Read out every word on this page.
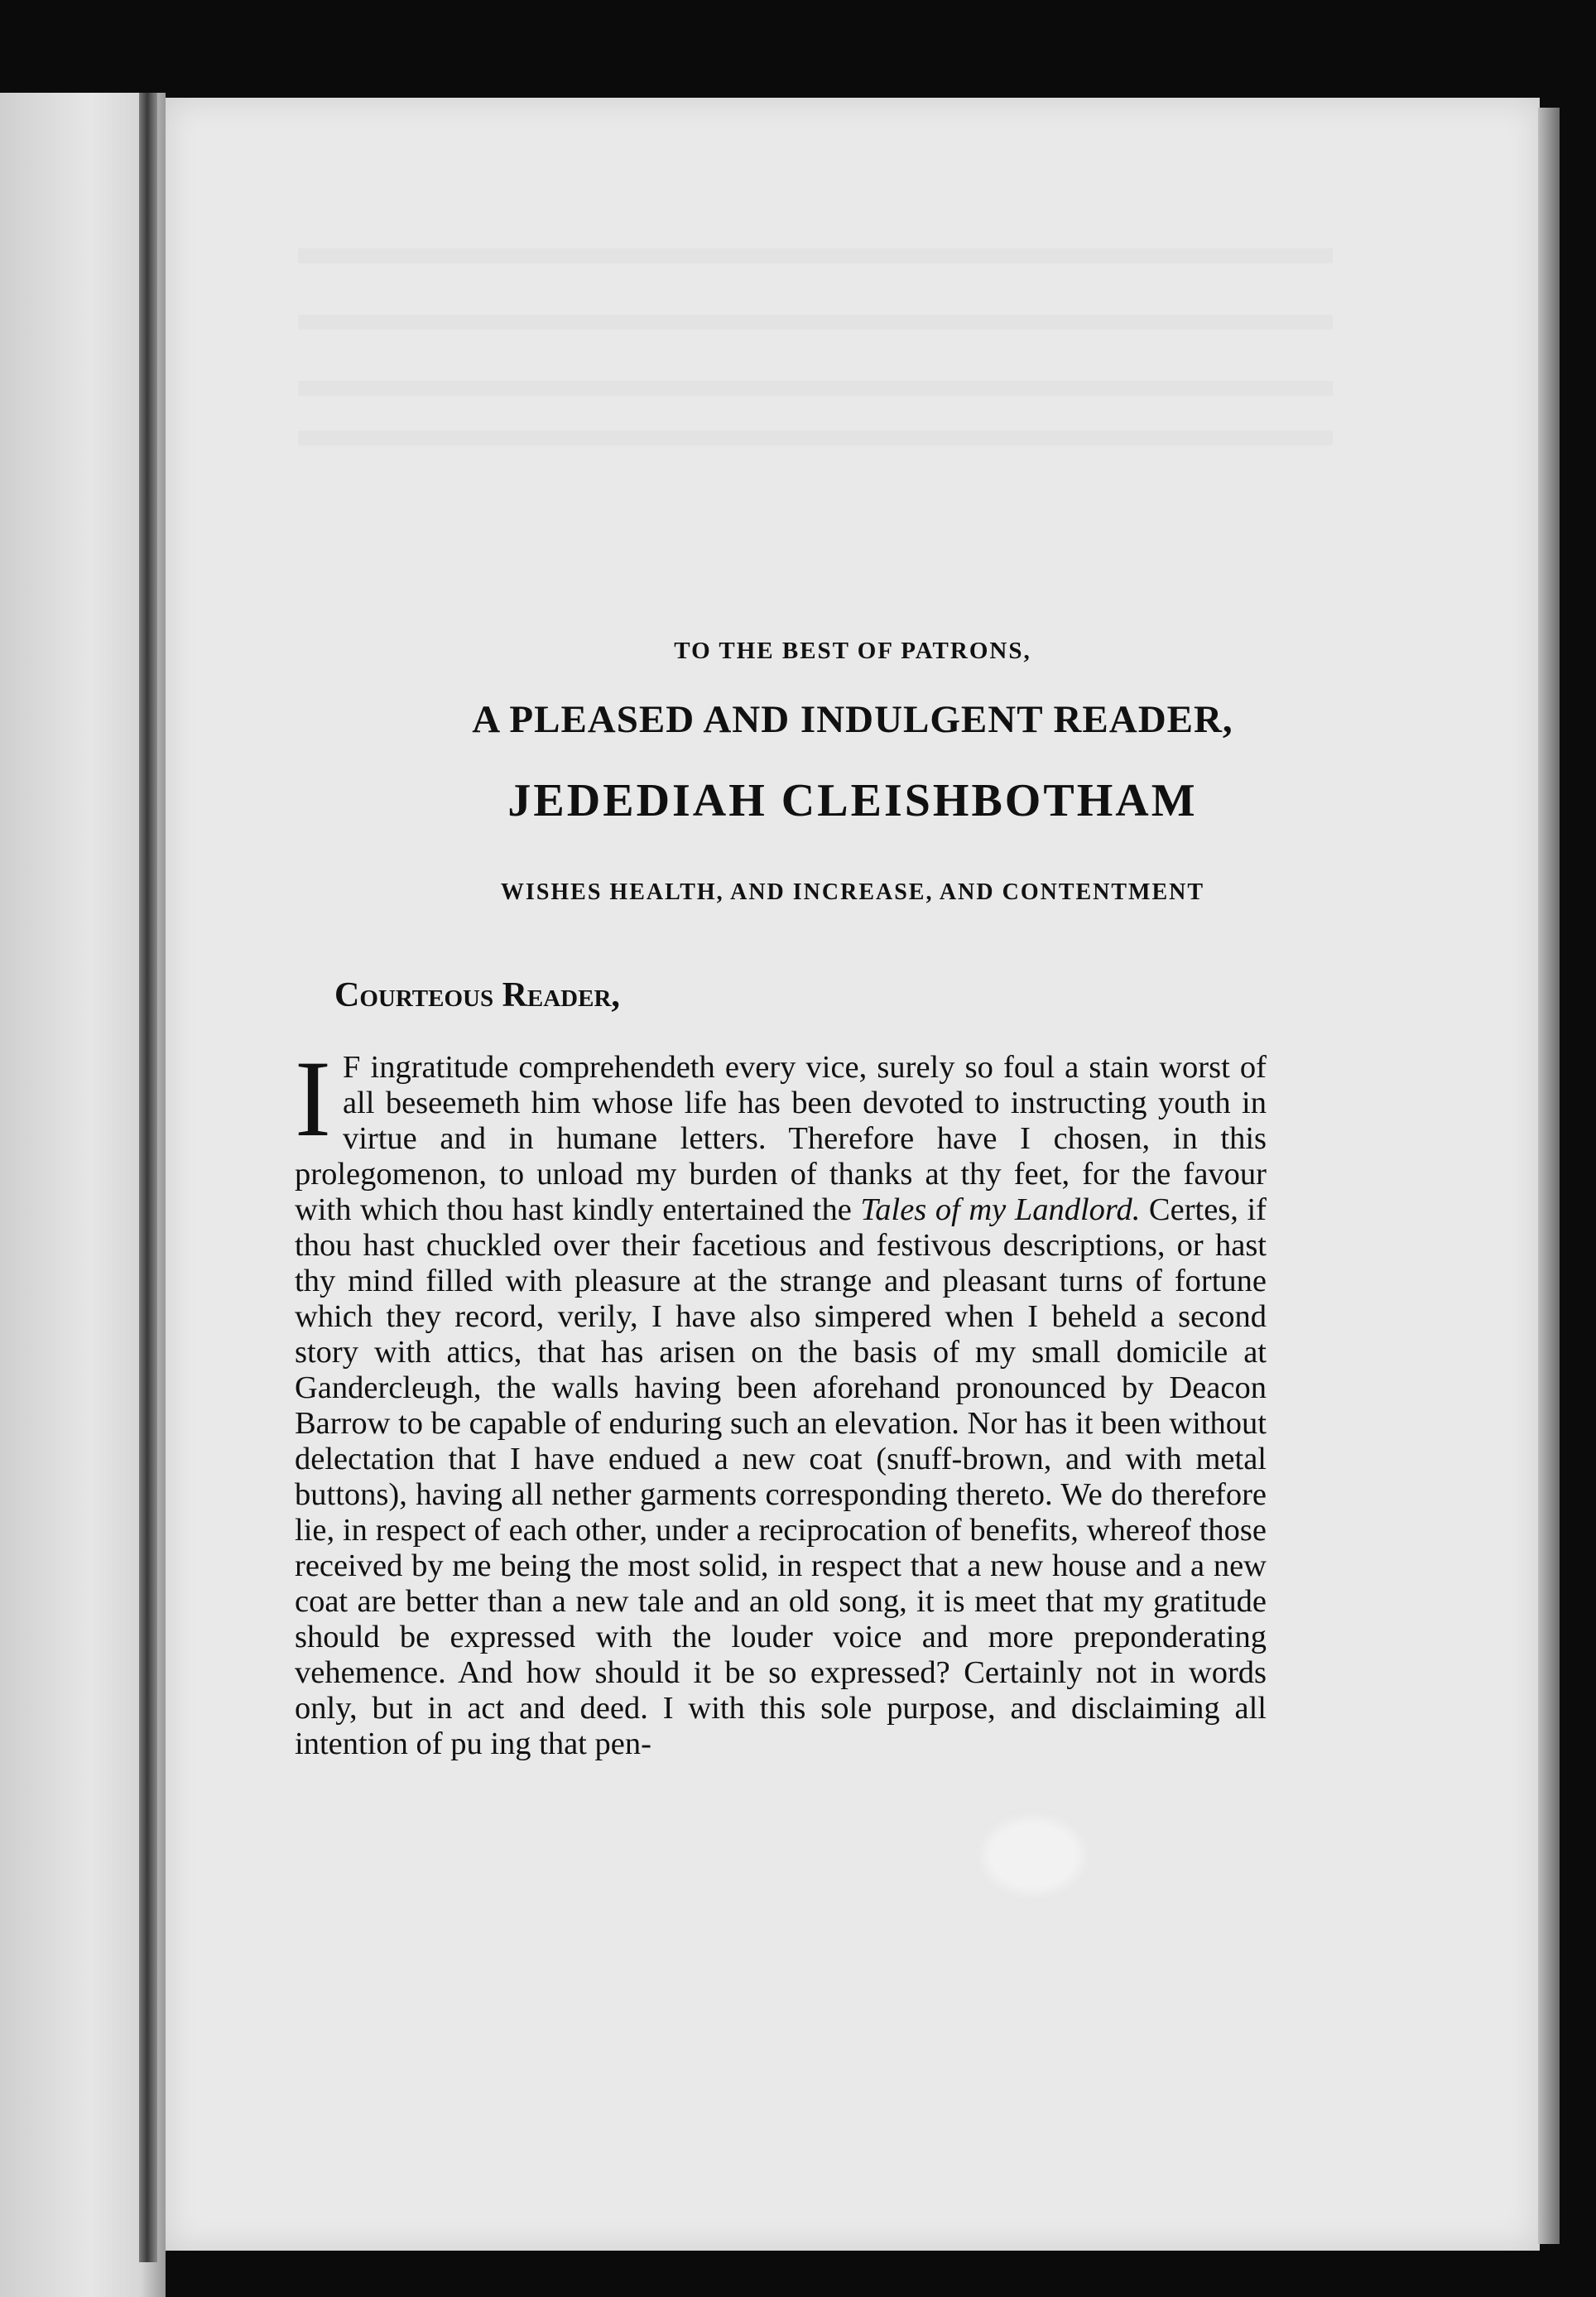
TO THE BEST OF PATRONS,

A PLEASED AND INDULGENT READER,

JEDEDIAH CLEISHBOTHAM

WISHES HEALTH, AND INCREASE, AND CONTENTMENT

Courteous Reader,

I F ingratitude comprehendeth every vice, surely so foul a stain worst of all beseemeth him whose life has been devoted to instructing youth in virtue and in humane letters. Therefore have I chosen, in this prolegomenon, to unload my burden of thanks at thy feet, for the favour with which thou hast kindly entertained the Tales of my Landlord. Certes, if thou hast chuckled over their facetious and festivous descriptions, or hast thy mind filled with pleasure at the strange and pleasant turns of fortune which they record, verily, I have also simpered when I beheld a second story with attics, that has arisen on the basis of my small domicile at Gandercleugh, the walls having been aforehand pronounced by Deacon Barrow to be capable of enduring such an elevation. Nor has it been without delectation that I have endued a new coat (snuff-brown, and with metal buttons), having all nether garments corresponding thereto. We do therefore lie, in respect of each other, under a reciprocation of benefits, whereof those received by me being the most solid, in respect that a new house and a new coat are better than a new tale and an old song, it is meet that my gratitude should be expressed with the louder voice and more preponderating vehemence. And how should it be so expressed? Certainly not in words only, but in act and deed. I with this sole purpose, and disclaiming all intention of pu ing that pen-
